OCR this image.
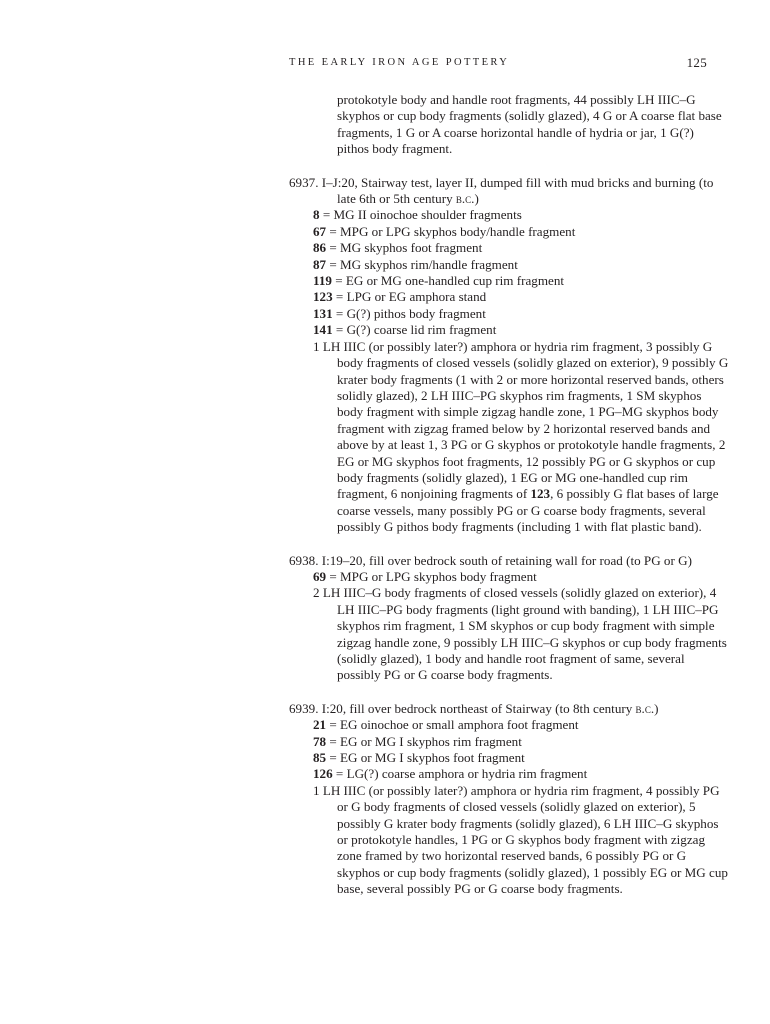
THE EARLY IRON AGE POTTERY	125
protokotyle body and handle root fragments, 44 possibly LH IIIC–G skyphos or cup body fragments (solidly glazed), 4 G or A coarse flat base fragments, 1 G or A coarse horizontal handle of hydria or jar, 1 G(?) pithos body fragment.
6937. I–J:20, Stairway test, layer II, dumped fill with mud bricks and burning (to late 6th or 5th century b.c.)
8 = MG II oinochoe shoulder fragments
67 = MPG or LPG skyphos body/handle fragment
86 = MG skyphos foot fragment
87 = MG skyphos rim/handle fragment
119 = EG or MG one-handled cup rim fragment
123 = LPG or EG amphora stand
131 = G(?) pithos body fragment
141 = G(?) coarse lid rim fragment
1 LH IIIC (or possibly later?) amphora or hydria rim fragment, 3 possibly G body fragments of closed vessels (solidly glazed on exterior), 9 possibly G krater body fragments (1 with 2 or more horizontal reserved bands, others solidly glazed), 2 LH IIIC–PG skyphos rim fragments, 1 SM skyphos body fragment with simple zigzag handle zone, 1 PG–MG skyphos body fragment with zigzag framed below by 2 horizontal reserved bands and above by at least 1, 3 PG or G skyphos or protokotyle handle fragments, 2 EG or MG skyphos foot fragments, 12 possibly PG or G skyphos or cup body fragments (solidly glazed), 1 EG or MG one-handled cup rim fragment, 6 nonjoining fragments of 123, 6 possibly G flat bases of large coarse vessels, many possibly PG or G coarse body fragments, several possibly G pithos body fragments (including 1 with flat plastic band).
6938. I:19–20, fill over bedrock south of retaining wall for road (to PG or G)
69 = MPG or LPG skyphos body fragment
2 LH IIIC–G body fragments of closed vessels (solidly glazed on exterior), 4 LH IIIC–PG body fragments (light ground with banding), 1 LH IIIC–PG skyphos rim fragment, 1 SM skyphos or cup body fragment with simple zigzag handle zone, 9 possibly LH IIIC–G skyphos or cup body fragments (solidly glazed), 1 body and handle root fragment of same, several possibly PG or G coarse body fragments.
6939. I:20, fill over bedrock northeast of Stairway (to 8th century b.c.)
21 = EG oinochoe or small amphora foot fragment
78 = EG or MG I skyphos rim fragment
85 = EG or MG I skyphos foot fragment
126 = LG(?) coarse amphora or hydria rim fragment
1 LH IIIC (or possibly later?) amphora or hydria rim fragment, 4 possibly PG or G body fragments of closed vessels (solidly glazed on exterior), 5 possibly G krater body fragments (solidly glazed), 6 LH IIIC–G skyphos or protokotyle handles, 1 PG or G skyphos body fragment with zigzag zone framed by two horizontal reserved bands, 6 possibly PG or G skyphos or cup body fragments (solidly glazed), 1 possibly EG or MG cup base, several possibly PG or G coarse body fragments.
